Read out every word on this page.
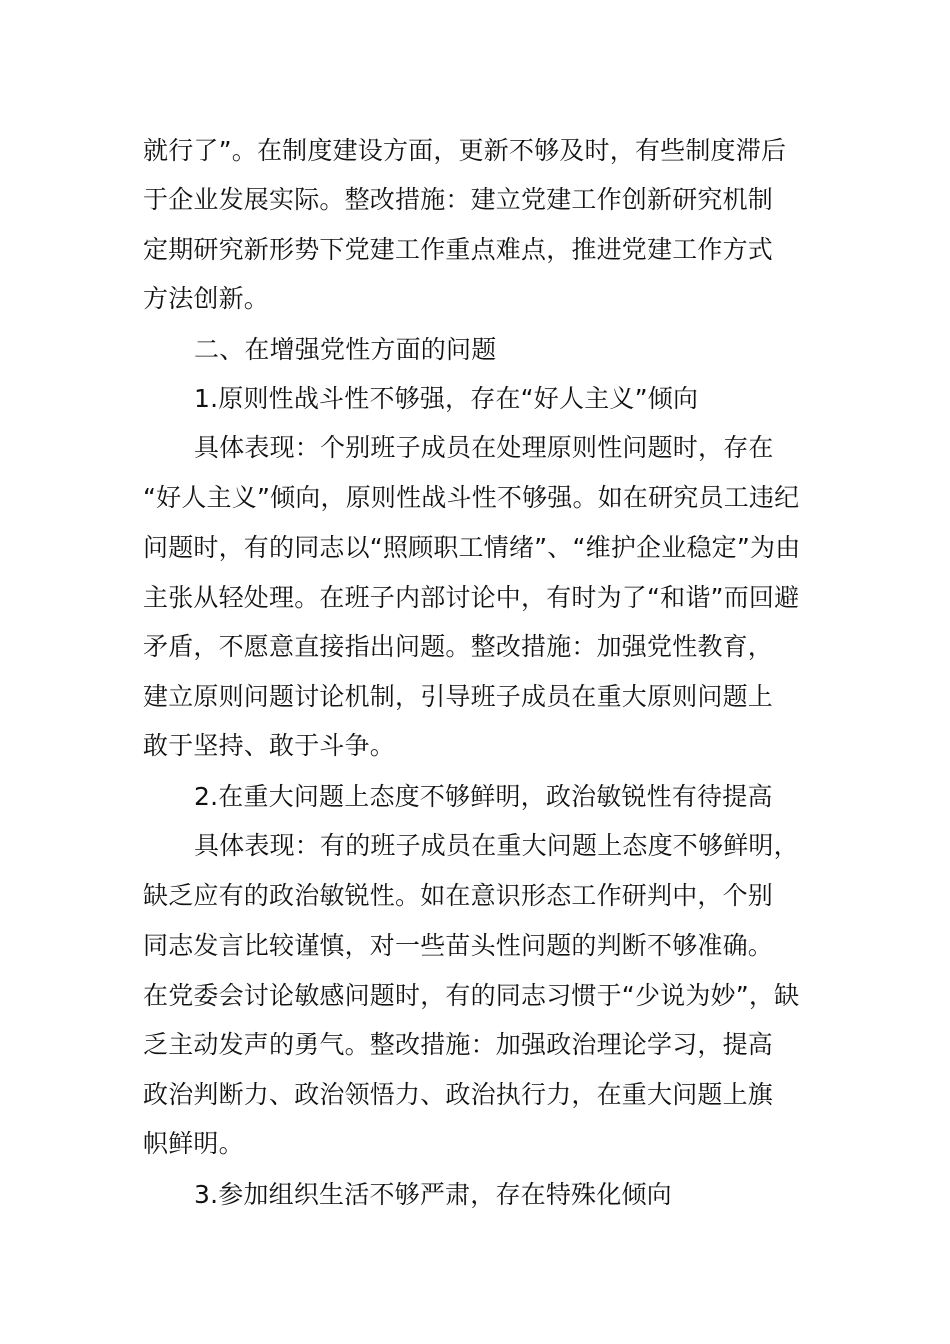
就行了”。在制度建设方面，更新不够及时，有些制度滞后
于企业发展实际。整改措施：建立党建工作创新研究机制
定期研究新形势下党建工作重点难点，推进党建工作方式
方法创新。
二、在增强党性方面的问题
1.原则性战斗性不够强，存在“好人主义”倾向
具体表现：个别班子成员在处理原则性问题时，存在
“好人主义”倾向，原则性战斗性不够强。如在研究员工违纪
问题时，有的同志以“照顾职工情绪”、“维护企业稳定”为由
主张从轻处理。在班子内部讨论中，有时为了“和谐”而回避
矛盾，不愿意直接指出问题。整改措施：加强党性教育，
建立原则问题讨论机制，引导班子成员在重大原则问题上
敢于坚持、敢于斗争。
2.在重大问题上态度不够鲜明，政治敏锐性有待提高
具体表现：有的班子成员在重大问题上态度不够鲜明，
缺乏应有的政治敏锐性。如在意识形态工作研判中，个别
同志发言比较谨慎，对一些苗头性问题的判断不够准确。
在党委会讨论敏感问题时，有的同志习惯于“少说为妙”，缺
乏主动发声的勇气。整改措施：加强政治理论学习，提高
政治判断力、政治领悟力、政治执行力，在重大问题上旗
帜鲜明。
3.参加组织生活不够严肃，存在特殊化倾向
